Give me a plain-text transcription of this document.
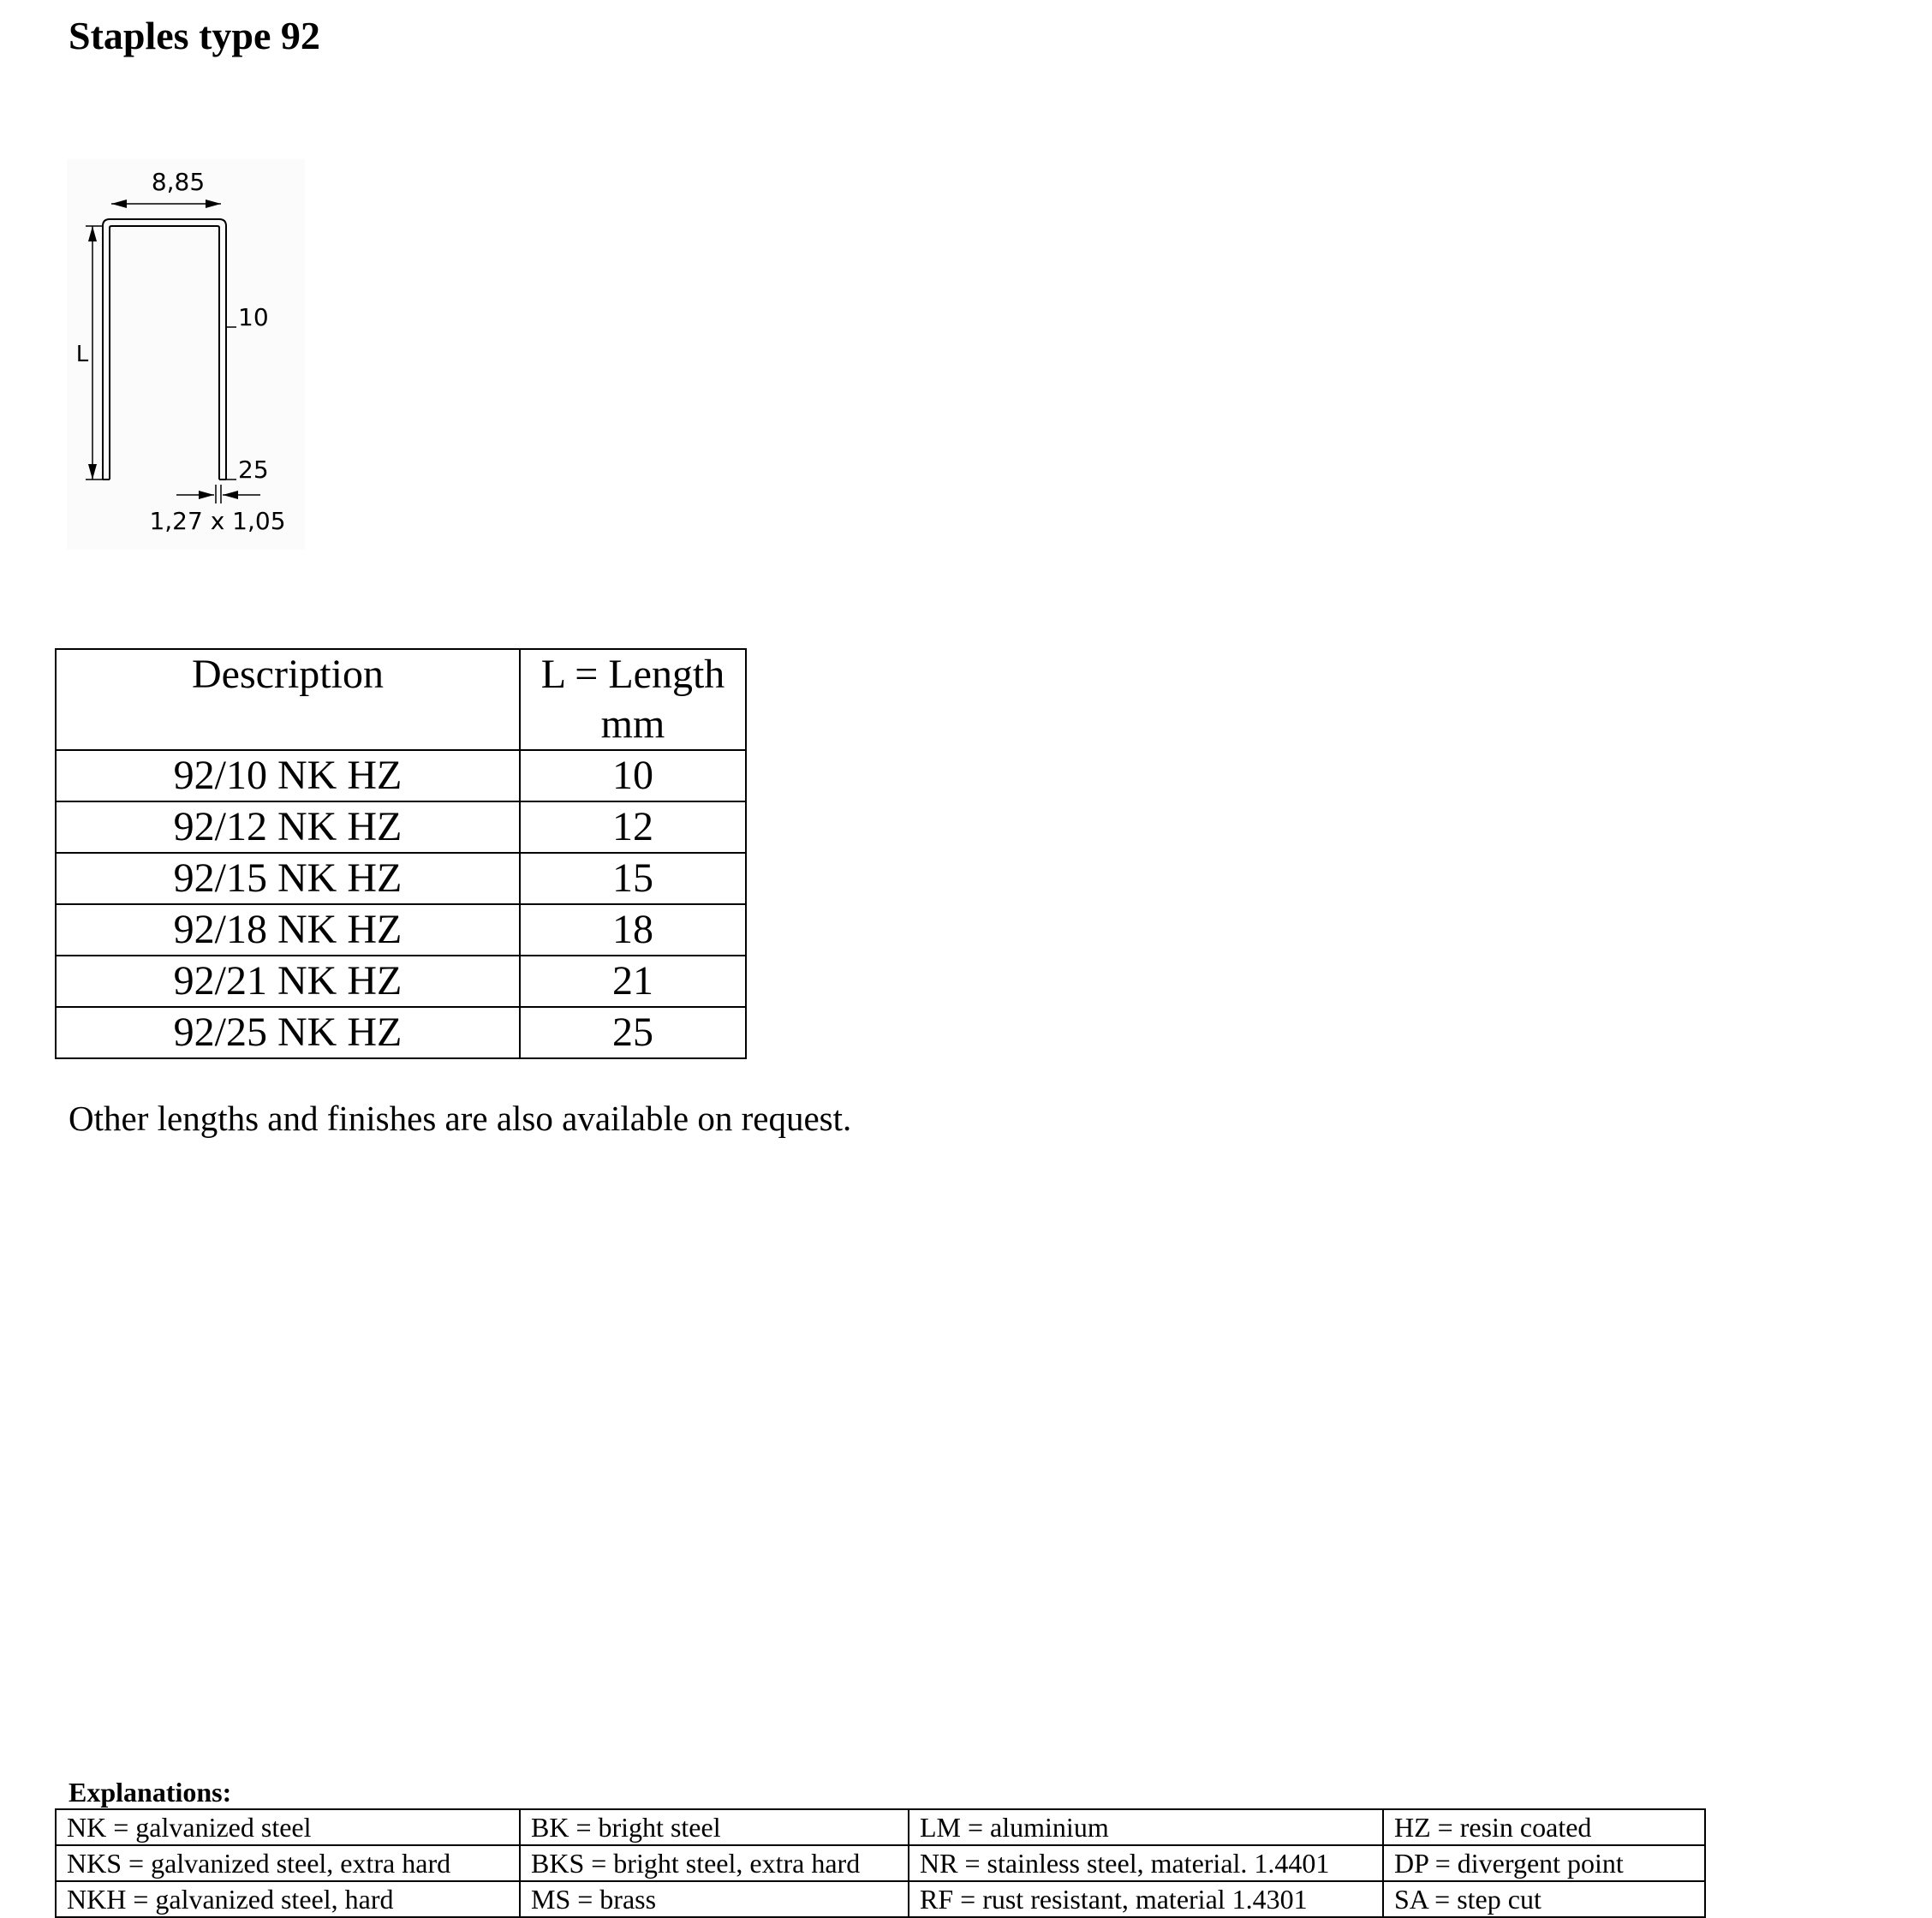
Staples type 92
8,85
L
10
25
1,27 x 1,05
Description	L = Length
mm

92/10 NK HZ	10
92/12 NK HZ	12
92/15 NK HZ	15
92/18 NK HZ	18
92/21 NK HZ	21
92/25 NK HZ	25

Other lengths and finishes are also available on request.

Explanations:

NK = galvanized steel	BK = bright steel	LM = aluminium	HZ = resin coated
NKS = galvanized steel, extra hard	BKS = bright steel, extra hard	NR = stainless steel, material. 1.4401	DP = divergent point
NKH = galvanized steel, hard	MS = brass	RF = rust resistant, material 1.4301	SA = step cut
